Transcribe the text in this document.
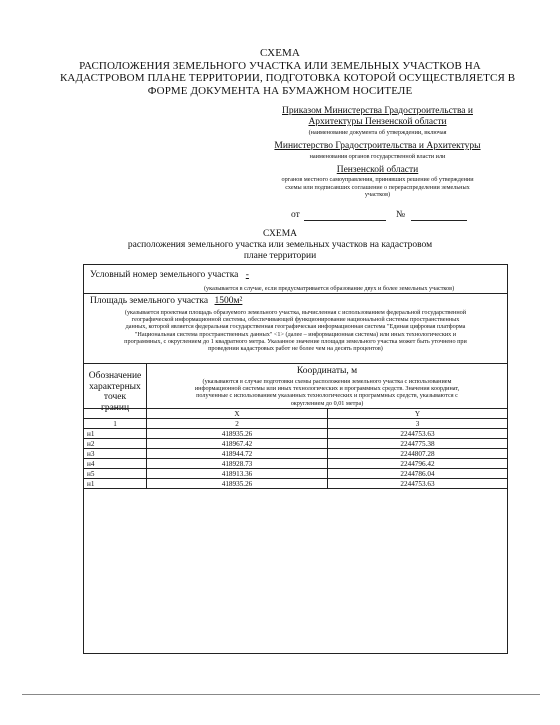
СХЕМА
РАСПОЛОЖЕНИЯ ЗЕМЕЛЬНОГО УЧАСТКА ИЛИ ЗЕМЕЛЬНЫХ УЧАСТКОВ НА
КАДАСТРОВОМ ПЛАНЕ ТЕРРИТОРИИ, ПОДГОТОВКА КОТОРОЙ ОСУЩЕСТВЛЯЕТСЯ В
ФОРМЕ ДОКУМЕНТА НА БУМАЖНОМ НОСИТЕЛЕ
Приказом Министерства Градостроительства и
Архитектуры Пензенской области
(наименование документа об утверждении, включая
Министерство Градостроительства и Архитектуры
наименования органов государственной власти или
Пензенской области
органов местного самоуправления, принявших решение об утверждении
схемы или подписавших соглашение о перераспределении земельных
участков)
от	№
СХЕМА
расположения земельного участка или земельных участков на кадастровом
плане территории
Условный номер земельного участка -
(указывается в случае, если предусматривается образование двух и более земельных участков)
Площадь земельного участка 1500м²
(указывается проектная площадь образуемого земельного участка, вычисленная с использованием федеральной государственной
географической информационной системы, обеспечивающей функционирование национальной системы пространственных
данных, которой является федеральная государственная географическая информационная система "Единая цифровая платформа
"Национальная система пространственных данных" <1> (далее – информационная система) или иных технологических и
программных, с округлением до 1 квадратного метра. Указанное значение площади земельного участка может быть уточнено при
проведении кадастровых работ не более чем на десять процентов)
Обозначение
характерных
точек
границ
Координаты, м
(указываются в случае подготовки схемы расположения земельного участка с использованием
информационной системы или иных технологических и программных средств. Значения координат,
полученные с использованием указанных технологических и программных средств, указываются с
округлением до 0,01 метра)
	X	Y
1	2	3
н1	418935.26	2244753.63
н2	418967.42	2244775.38
н3	418944.72	2244807.28
н4	418928.73	2244796.42
н5	418913.36	2244786.04
н1	418935.26	2244753.63
